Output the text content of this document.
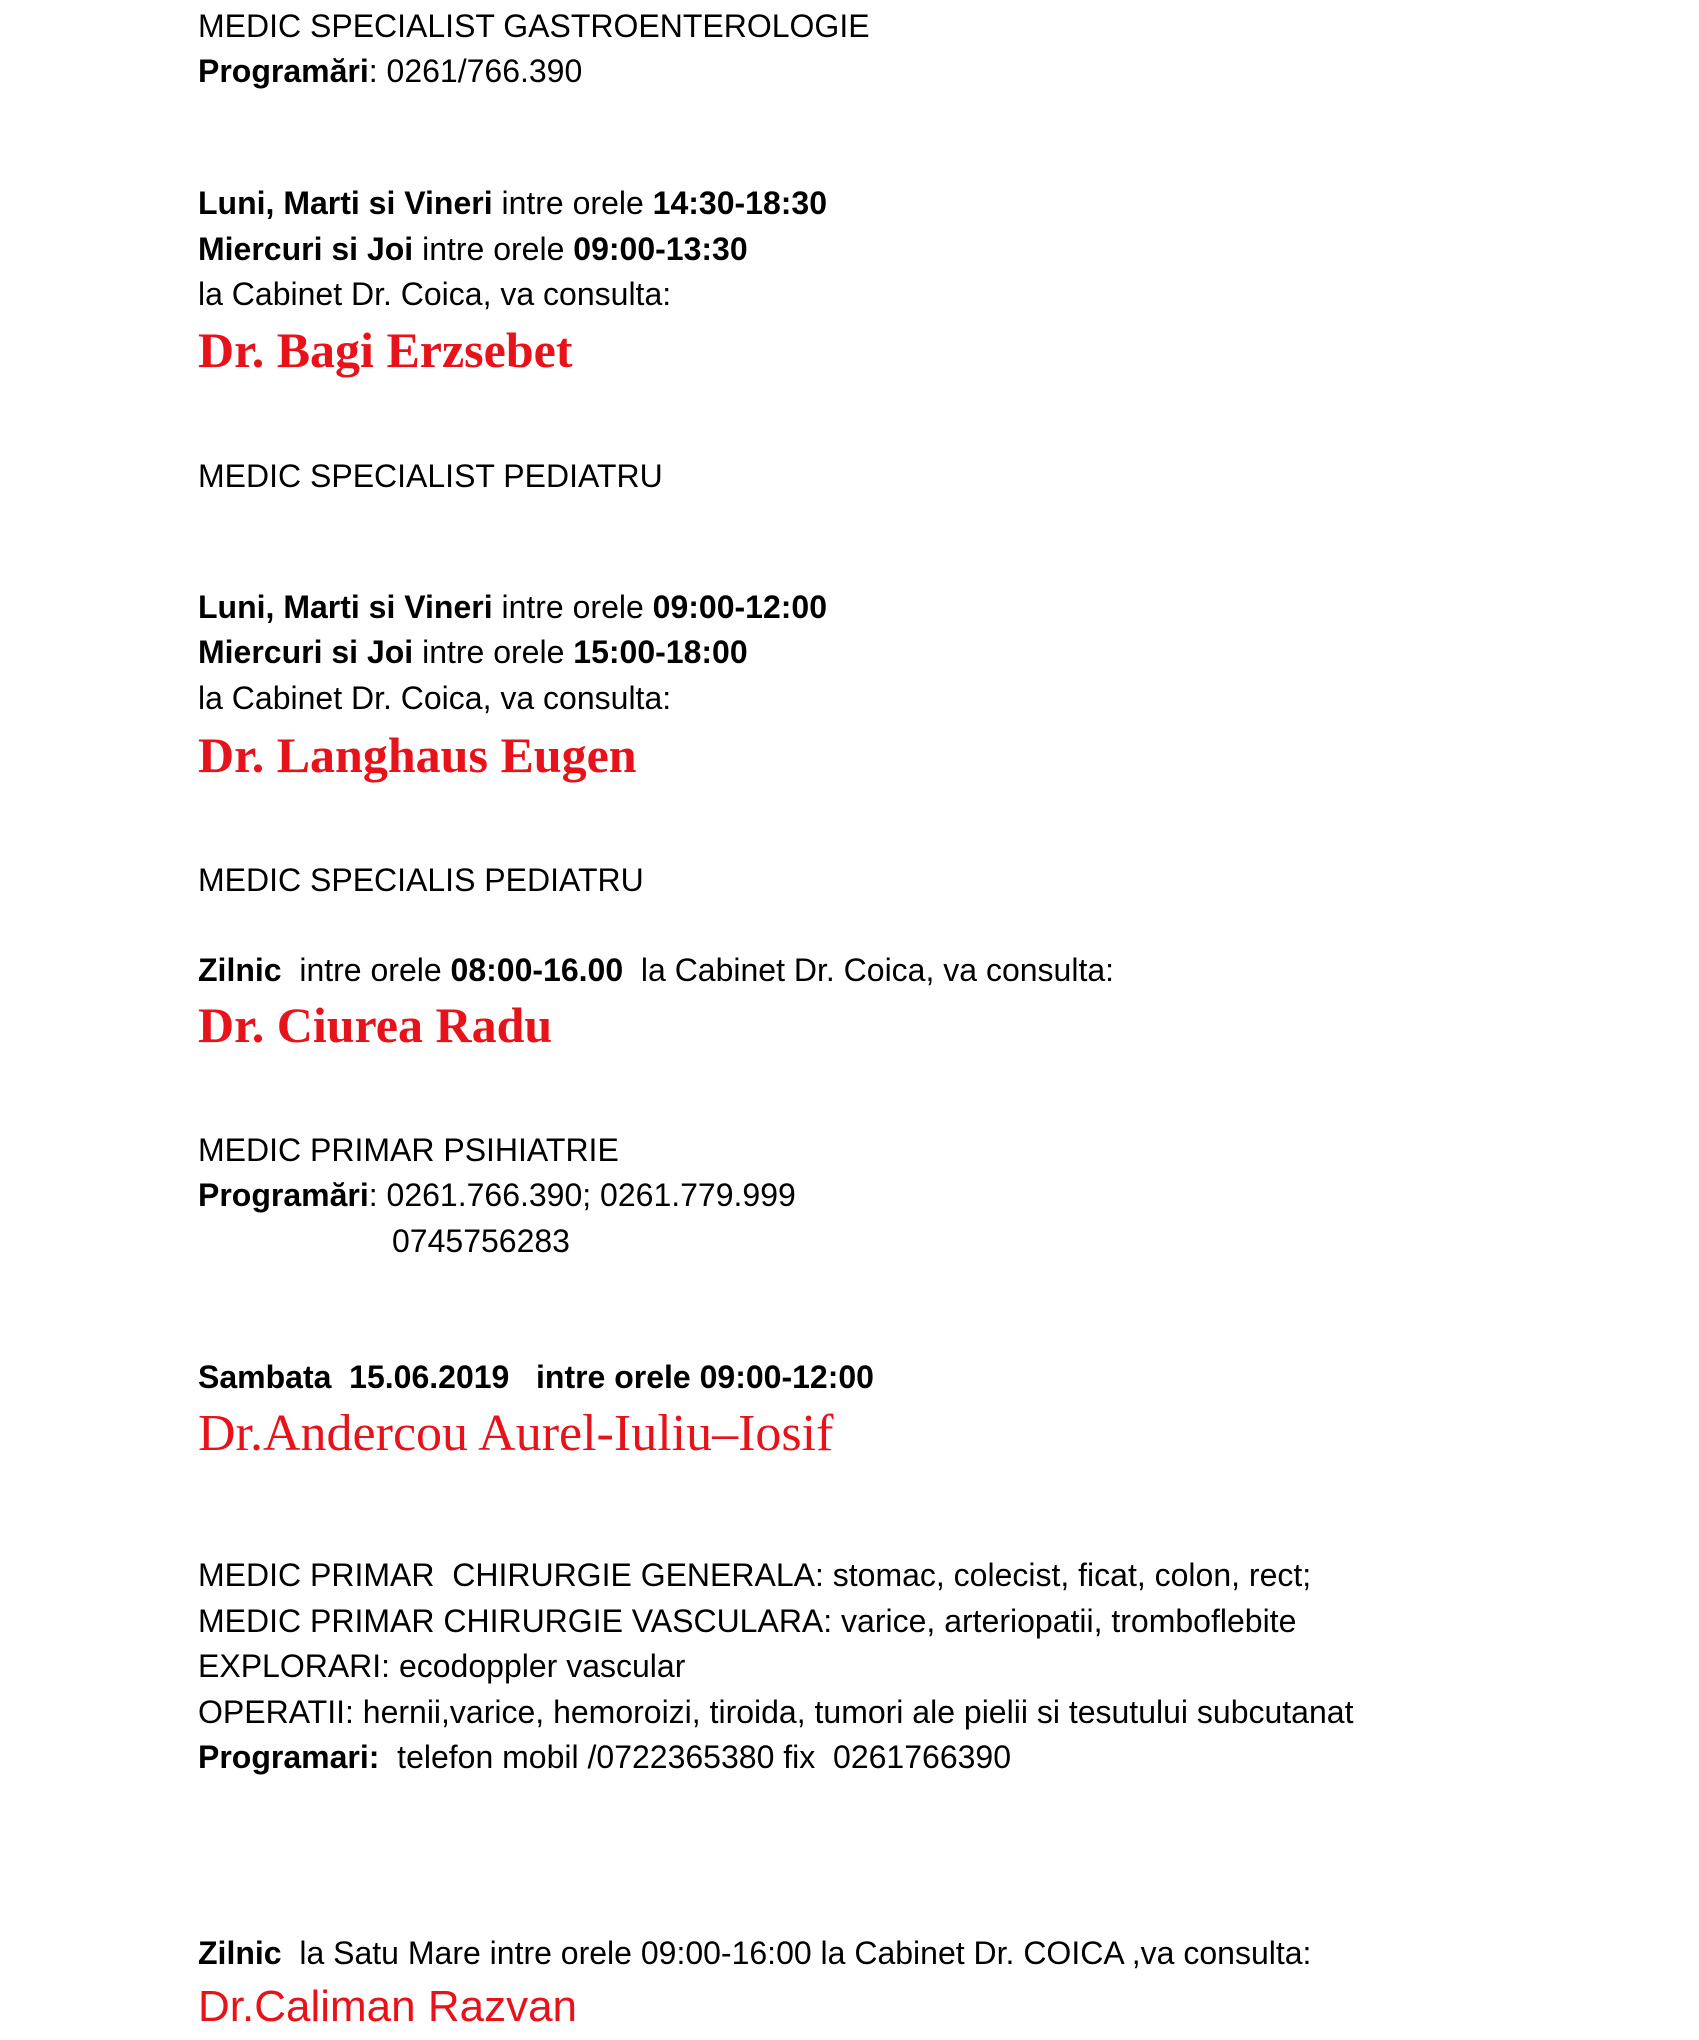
MEDIC SPECIALIST GASTROENTEROLOGIE
Programări: 0261/766.390
Luni, Marti si Vineri intre orele 14:30-18:30
Miercuri si Joi intre orele 09:00-13:30
la Cabinet Dr. Coica, va consulta:
Dr. Bagi Erzsebet
MEDIC SPECIALIST PEDIATRU
Luni, Marti si Vineri intre orele 09:00-12:00
Miercuri si Joi intre orele 15:00-18:00
la Cabinet Dr. Coica, va consulta:
Dr. Langhaus Eugen
MEDIC SPECIALIS PEDIATRU
Zilnic  intre orele 08:00-16.00  la Cabinet Dr. Coica, va consulta:
Dr. Ciurea Radu
MEDIC PRIMAR PSIHIATRIE
Programări: 0261.766.390; 0261.779.999
0745756283
Sambata  15.06.2019   intre orele 09:00-12:00
Dr.Andercou Aurel-Iuliu–Iosif
MEDIC PRIMAR  CHIRURGIE GENERALA: stomac, colecist, ficat, colon, rect;
MEDIC PRIMAR CHIRURGIE VASCULARA: varice, arteriopatii, tromboflebite
EXPLORARI: ecodoppler vascular
OPERATII: hernii,varice, hemoroizi, tiroida, tumori ale pielii si tesutului subcutanat
Programari:  telefon mobil /0722365380 fix  0261766390
Zilnic  la Satu Mare intre orele 09:00-16:00 la Cabinet Dr. COICA ,va consulta:
Dr.Caliman Razvan
